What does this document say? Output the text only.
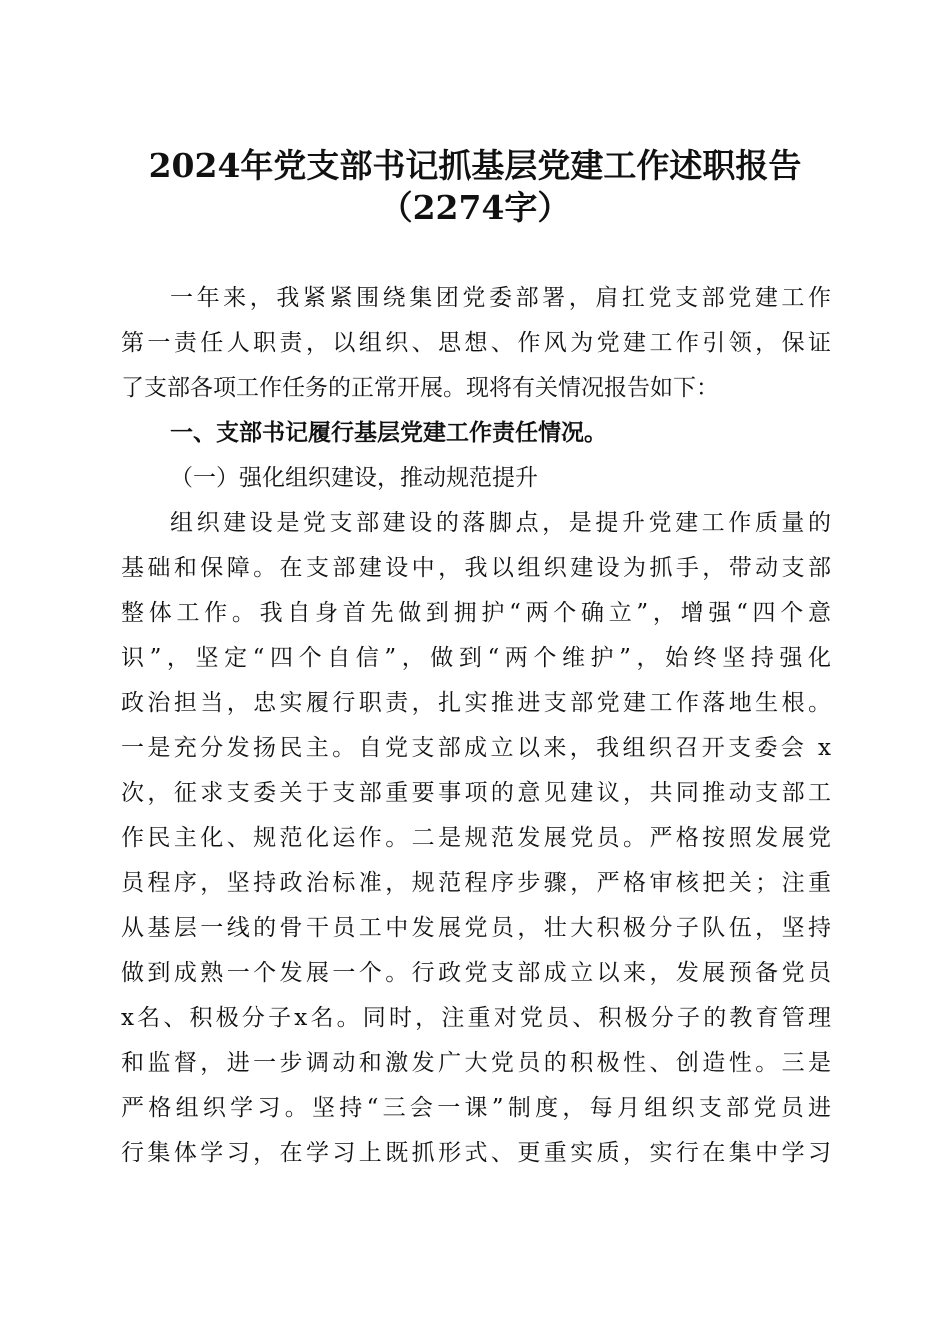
2024年党支部书记抓基层党建工作述职报告
（2274字）
一年来，我紧紧围绕集团党委部署，肩扛党支部党建工作
第一责任人职责，以组织、思想、作风为党建工作引领，保证
了支部各项工作任务的正常开展。现将有关情况报告如下：
一、支部书记履行基层党建工作责任情况。
（一）强化组织建设，推动规范提升
组织建设是党支部建设的落脚点，是提升党建工作质量的
基础和保障。在支部建设中，我以组织建设为抓手，带动支部
整体工作。我自身首先做到拥护“两个确立”，增强“四个意
识”，坚定“四个自信”，做到“两个维护”，始终坚持强化
政治担当，忠实履行职责，扎实推进支部党建工作落地生根。
一是充分发扬民主。自党支部成立以来，我组织召开支委会 x
次，征求支委关于支部重要事项的意见建议，共同推动支部工
作民主化、规范化运作。二是规范发展党员。严格按照发展党
员程序，坚持政治标准，规范程序步骤，严格审核把关；注重
从基层一线的骨干员工中发展党员，壮大积极分子队伍，坚持
做到成熟一个发展一个。行政党支部成立以来，发展预备党员
x名、积极分子x名。同时，注重对党员、积极分子的教育管理
和监督，进一步调动和激发广大党员的积极性、创造性。三是
严格组织学习。坚持“三会一课”制度，每月组织支部党员进
行集体学习，在学习上既抓形式、更重实质，实行在集中学习
